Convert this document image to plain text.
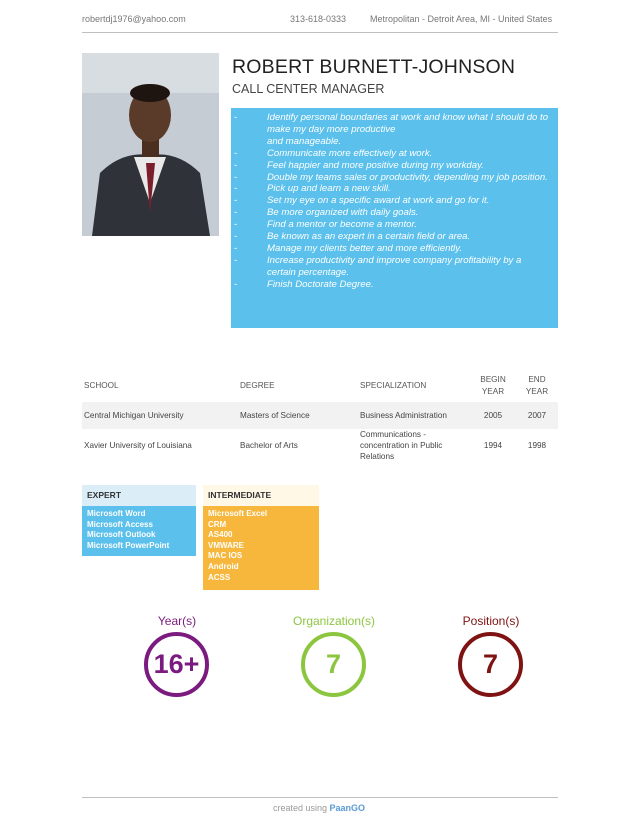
robertdj1976@yahoo.com	313-618-0333	Metropolitan - Detroit Area, MI - United States
ROBERT BURNETT-JOHNSON
CALL CENTER MANAGER
-	Identify personal boundaries at work and know what I should do to make my day more productive
and manageable.
-	Communicate more effectively at work.
-	Feel happier and more positive during my workday.
-	Double my teams sales or productivity, depending my job position.
-	Pick up and learn a new skill.
-	Set my eye on a specific award at work and go for it.
-	Be more organized with daily goals.
-	Find a mentor or become a mentor.
-	Be known as an expert in a certain field or area.
-	Manage my clients better and more efficiently.
-	Increase productivity and improve company profitability by a certain percentage.
-	Finish Doctorate Degree.
SCHOOL	DEGREE	SPECIALIZATION	BEGIN YEAR	END YEAR
Central Michigan University	Masters of Science	Business Administration	2005	2007
Xavier University of Louisiana	Bachelor of Arts	Communications - concentration in Public Relations	1994	1998
EXPERT
Microsoft Word
Microsoft Access
Microsoft Outlook
Microsoft PowerPoint
INTERMEDIATE
Microsoft Excel
CRM
AS400
VMWARE
MAC IOS
Android
ACSS
Year(s)
16+
Organization(s)
7
Position(s)
7
created using PaanGO
